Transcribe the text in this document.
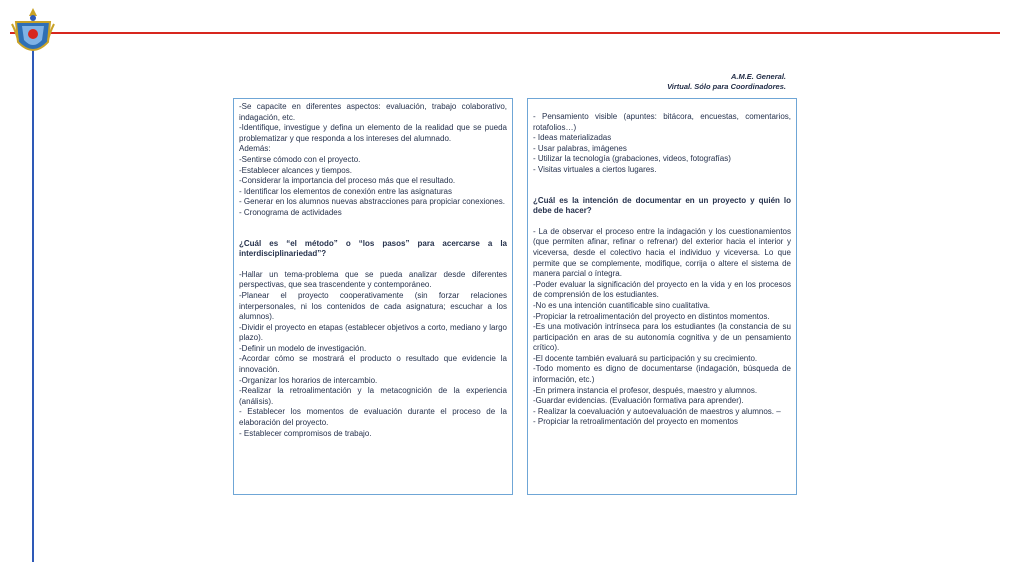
A.M.E. General.
Virtual. Sólo para Coordinadores.

-Se capacite en diferentes aspectos: evaluación, trabajo colaborativo, indagación, etc.

-Identifique, investigue y defina un elemento de la realidad que se pueda problematizar y que responda a los intereses del alumnado.

Además:

-Sentirse cómodo con el proyecto.

-Establecer alcances y tiempos.

-Considerar la importancia del proceso más que el resultado.

- Identificar los elementos de conexión entre las asignaturas

- Generar en los alumnos nuevas abstracciones para propiciar conexiones.

- Cronograma de actividades

¿Cuál es “el método” o “los pasos” para acercarse a la interdisciplinariedad”?

-Hallar un tema-problema que se pueda analizar desde diferentes perspectivas, que sea trascendente y contemporáneo.

-Planear el proyecto cooperativamente (sin forzar relaciones interpersonales, ni los contenidos de cada asignatura; escuchar a los alumnos).

-Dividir el proyecto en etapas (establecer objetivos a corto, mediano y largo plazo).

-Definir un modelo de investigación.

-Acordar cómo se mostrará el producto o resultado que evidencie la innovación.

-Organizar los horarios de intercambio.

-Realizar la retroalimentación y la metacognición de la experiencia (análisis).

- Establecer los momentos de evaluación durante el proceso de la elaboración del proyecto.

- Establecer compromisos de trabajo.

- Pensamiento visible (apuntes: bitácora, encuestas, comentarios, rotafolios…)

- Ideas materializadas

- Usar palabras, imágenes

- Utilizar la tecnología (grabaciones, videos, fotografías)

- Visitas virtuales a ciertos lugares.

¿Cuál es la intención de documentar en un proyecto y quién lo debe de hacer?

- La de observar el proceso entre la indagación y los cuestionamientos (que permiten afinar, refinar o refrenar) del exterior hacia el interior y viceversa, desde el colectivo hacia el individuo y viceversa. Lo que permite que se complemente, modifique, corrija o altere el sistema de manera parcial o íntegra.

-Poder evaluar la significación del proyecto en la vida y en los procesos de comprensión de los estudiantes.

-No es una intención cuantificable sino cualitativa.

-Propiciar la retroalimentación del proyecto en distintos momentos.

-Es una motivación intrínseca para los estudiantes (la constancia de su participación en aras de su autonomía cognitiva y de un pensamiento crítico).

-El docente también evaluará su participación y su crecimiento.

-Todo momento es digno de documentarse (indagación, búsqueda de información, etc.)

-En primera instancia el profesor, después, maestro y alumnos.

-Guardar evidencias. (Evaluación formativa para aprender).

- Realizar la coevaluación y autoevaluación de maestros y alumnos. –

- Propiciar la retroalimentación del proyecto en momentos
